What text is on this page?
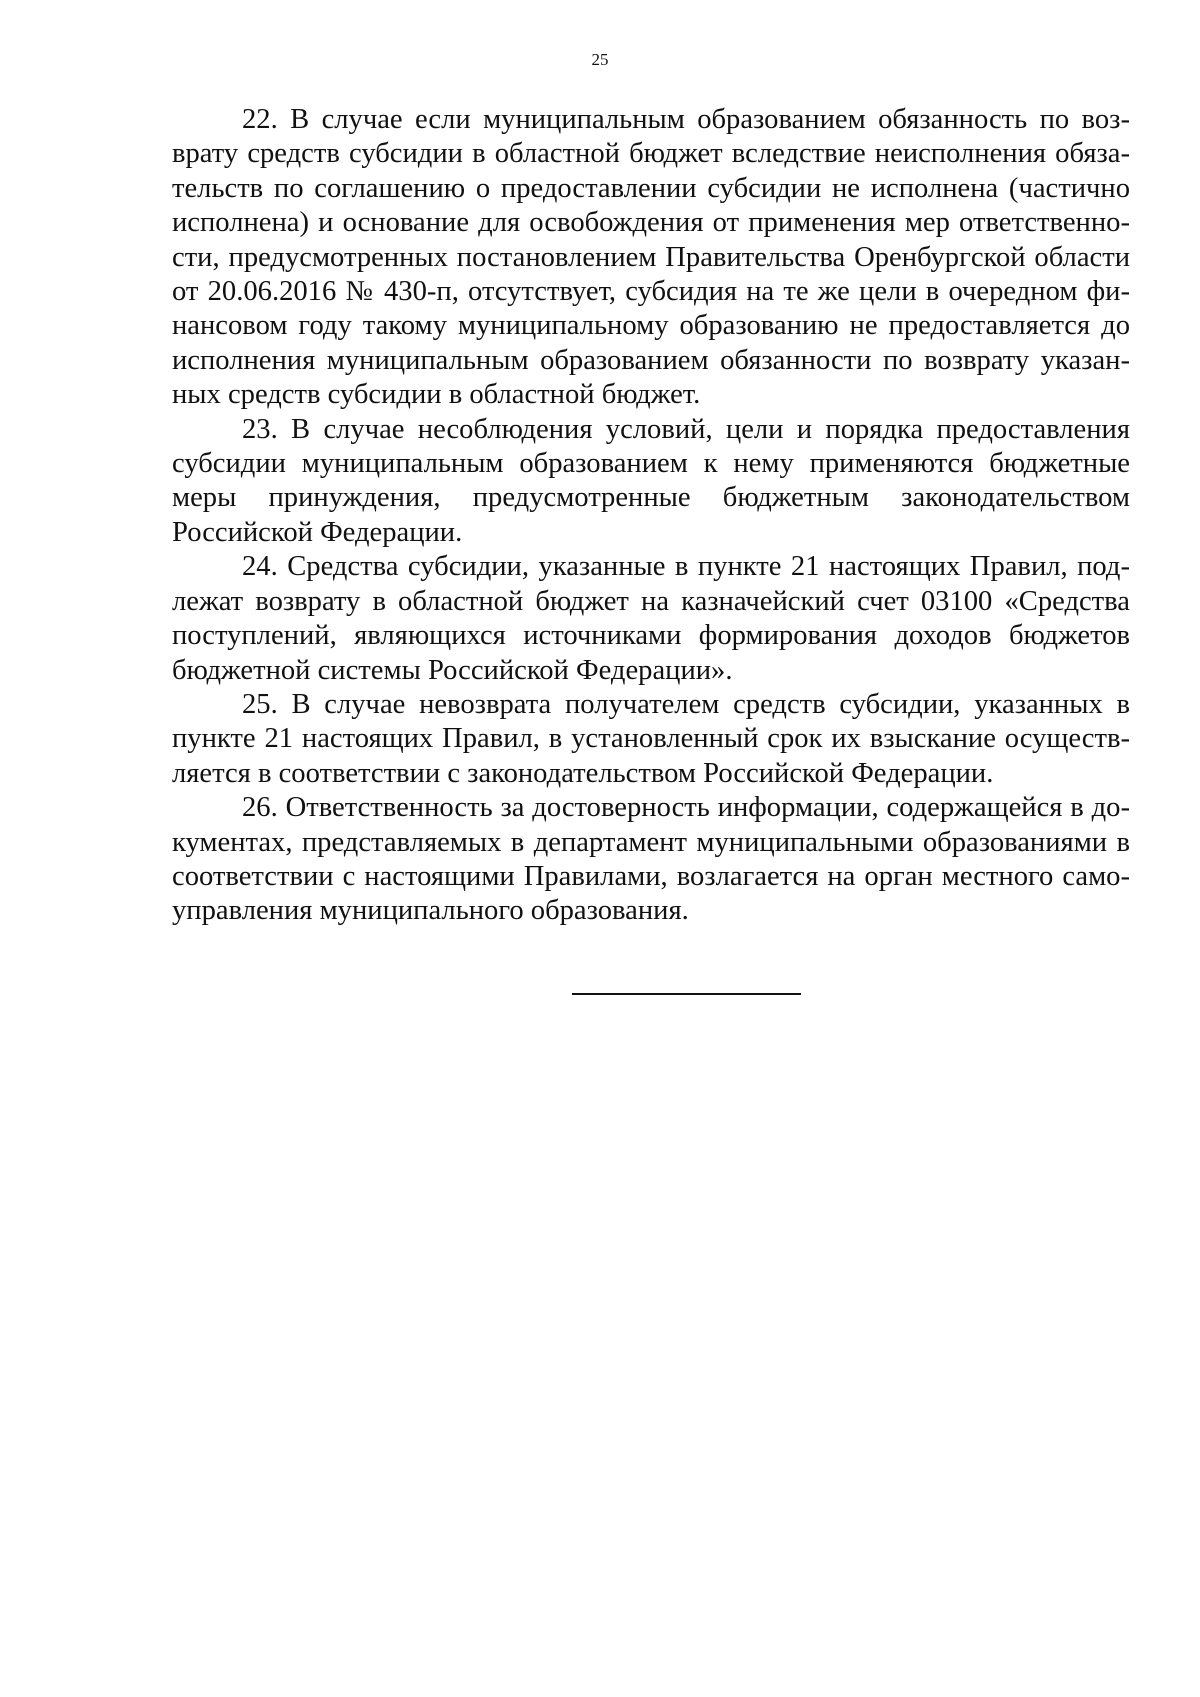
25

22. В случае если муниципальным образованием обязанность по возврату средств субсидии в областной бюджет вследствие неисполнения обязательств по соглашению о предоставлении субсидии не исполнена (частично исполнена) и основание для освобождения от применения мер ответственности, предусмотренных постановлением Правительства Оренбургской области от 20.06.2016 № 430-п, отсутствует, субсидия на те же цели в очередном финансовом году такому муниципальному образованию не предоставляется до исполнения муниципальным образованием обязанности по возврату указанных средств субсидии в областной бюджет.

23. В случае несоблюдения условий, цели и порядка предоставления субсидии муниципальным образованием к нему применяются бюджетные меры принуждения, предусмотренные бюджетным законодательством Российской Федерации.

24. Средства субсидии, указанные в пункте 21 настоящих Правил, подлежат возврату в областной бюджет на казначейский счет 03100 «Средства поступлений, являющихся источниками формирования доходов бюджетов бюджетной системы Российской Федерации».

25. В случае невозврата получателем средств субсидии, указанных в пункте 21 настоящих Правил, в установленный срок их взыскание осуществляется в соответствии с законодательством Российской Федерации.

26. Ответственность за достоверность информации, содержащейся в документах, представляемых в департамент муниципальными образованиями в соответствии с настоящими Правилами, возлагается на орган местного самоуправления муниципального образования.
